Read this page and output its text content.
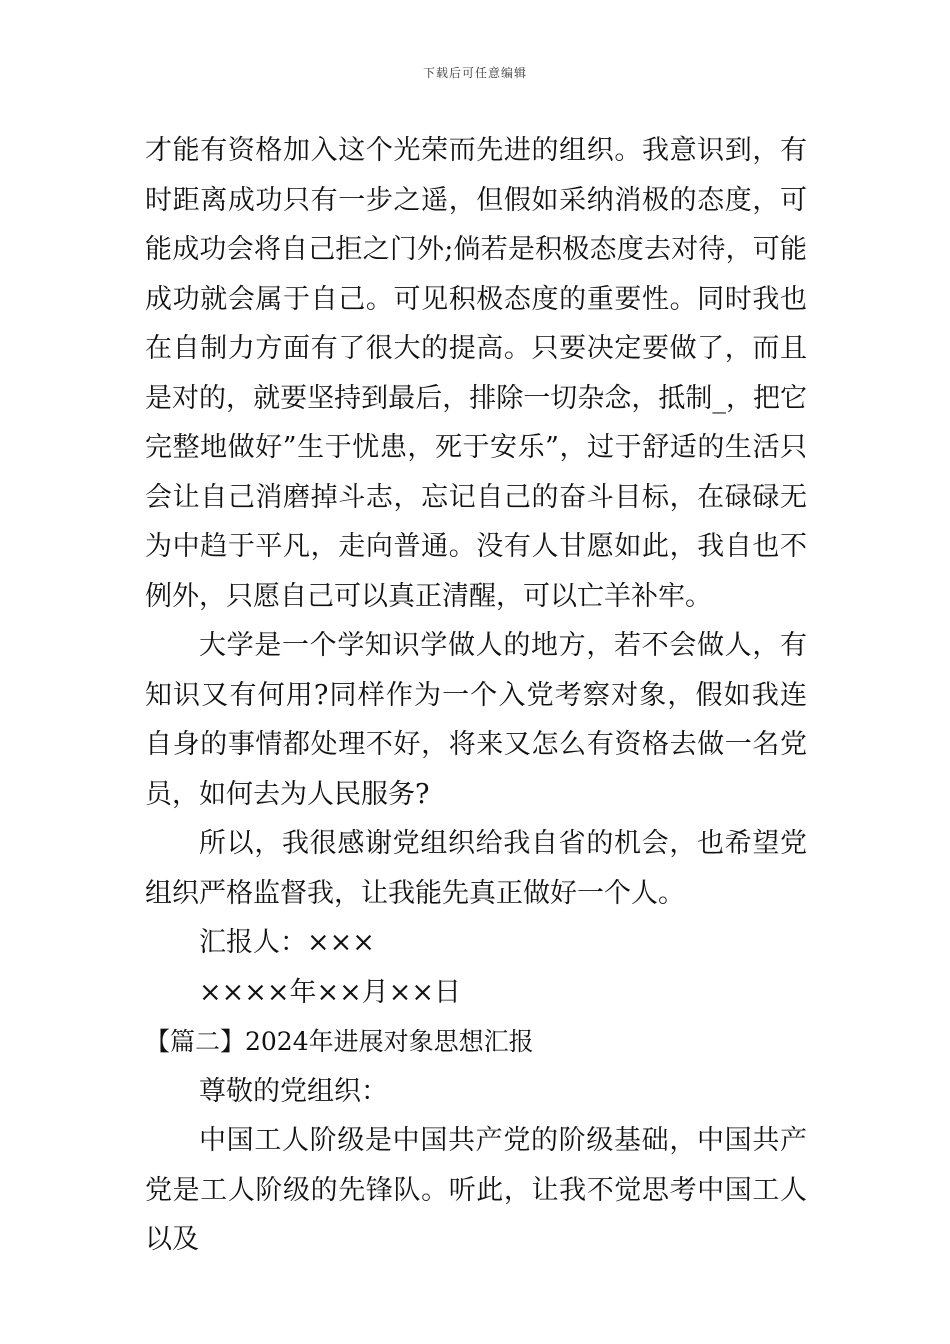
下载后可任意编辑

才能有资格加入这个光荣而先进的组织。我意识到，有时距离成功只有一步之遥，但假如采纳消极的态度，可能成功会将自己拒之门外;倘若是积极态度去对待，可能成功就会属于自己。可见积极态度的重要性。同时我也在自制力方面有了很大的提高。只要决定要做了，而且是对的，就要坚持到最后，排除一切杂念，抵制_，把它完整地做好”生于忧患，死于安乐”，过于舒适的生活只会让自己消磨掉斗志，忘记自己的奋斗目标，在碌碌无为中趋于平凡，走向普通。没有人甘愿如此，我自也不例外，只愿自己可以真正清醒，可以亡羊补牢。

大学是一个学知识学做人的地方，若不会做人，有知识又有何用?同样作为一个入党考察对象，假如我连自身的事情都处理不好，将来又怎么有资格去做一名党员，如何去为人民服务?

所以，我很感谢党组织给我自省的机会，也希望党组织严格监督我，让我能先真正做好一个人。

汇报人：×××

××××年××月××日

【篇二】2024年进展对象思想汇报

尊敬的党组织：

中国工人阶级是中国共产党的阶级基础，中国共产党是工人阶级的先锋队。听此，让我不觉思考中国工人以及
